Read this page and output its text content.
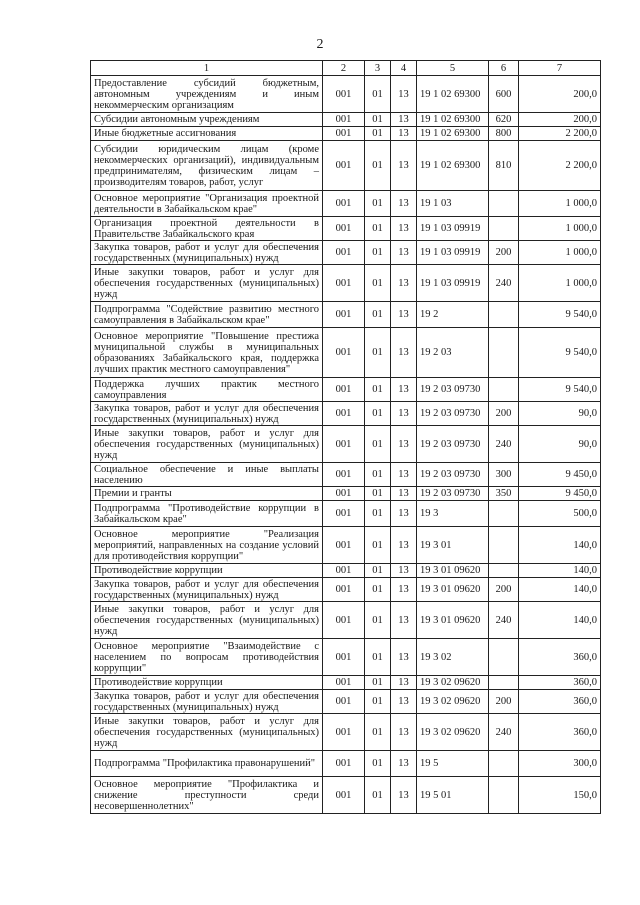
2
1	2	3	4	5	6	7
Предоставление субсидий бюджетным, автономным учреждениям и иным некоммерческим организациям	001	01	13	19 1 02 69300	600	200,0
Субсидии автономным учреждениям	001	01	13	19 1 02 69300	620	200,0
Иные бюджетные ассигнования	001	01	13	19 1 02 69300	800	2 200,0
Субсидии юридическим лицам (кроме некоммерческих организаций), индивидуальным предпринимателям, физическим лицам – производителям товаров, работ, услуг	001	01	13	19 1 02 69300	810	2 200,0
Основное мероприятие "Организация проектной деятельности в Забайкальском крае"	001	01	13	19 1 03		1 000,0
Организация проектной деятельности в Правительстве Забайкальского края	001	01	13	19 1 03 09919		1 000,0
Закупка товаров, работ и услуг для обеспечения государственных (муниципальных) нужд	001	01	13	19 1 03 09919	200	1 000,0
Иные закупки товаров, работ и услуг для обеспечения государственных (муниципальных) нужд	001	01	13	19 1 03 09919	240	1 000,0
Подпрограмма "Содействие развитию местного самоуправления в Забайкальском крае"	001	01	13	19 2		9 540,0
Основное мероприятие "Повышение престижа муниципальной службы в муниципальных образованиях Забайкальского края, поддержка лучших практик местного самоуправления"	001	01	13	19 2 03		9 540,0
Поддержка лучших практик местного самоуправления	001	01	13	19 2 03 09730		9 540,0
Закупка товаров, работ и услуг для обеспечения государственных (муниципальных) нужд	001	01	13	19 2 03 09730	200	90,0
Иные закупки товаров, работ и услуг для обеспечения государственных (муниципальных) нужд	001	01	13	19 2 03 09730	240	90,0
Социальное обеспечение и иные выплаты населению	001	01	13	19 2 03 09730	300	9 450,0
Премии и гранты	001	01	13	19 2 03 09730	350	9 450,0
Подпрограмма "Противодействие коррупции в Забайкальском крае"	001	01	13	19 3		500,0
Основное мероприятие "Реализация мероприятий, направленных на создание условий для противодействия коррупции"	001	01	13	19 3 01		140,0
Противодействие коррупции	001	01	13	19 3 01 09620		140,0
Закупка товаров, работ и услуг для обеспечения государственных (муниципальных) нужд	001	01	13	19 3 01 09620	200	140,0
Иные закупки товаров, работ и услуг для обеспечения государственных (муниципальных) нужд	001	01	13	19 3 01 09620	240	140,0
Основное мероприятие "Взаимодействие с населением по вопросам противодействия коррупции"	001	01	13	19 3 02		360,0
Противодействие коррупции	001	01	13	19 3 02 09620		360,0
Закупка товаров, работ и услуг для обеспечения государственных (муниципальных) нужд	001	01	13	19 3 02 09620	200	360,0
Иные закупки товаров, работ и услуг для обеспечения государственных (муниципальных) нужд	001	01	13	19 3 02 09620	240	360,0
Подпрограмма "Профилактика правонарушений"	001	01	13	19 5		300,0
Основное мероприятие "Профилактика и снижение преступности среди несовершеннолетних"	001	01	13	19 5 01		150,0
